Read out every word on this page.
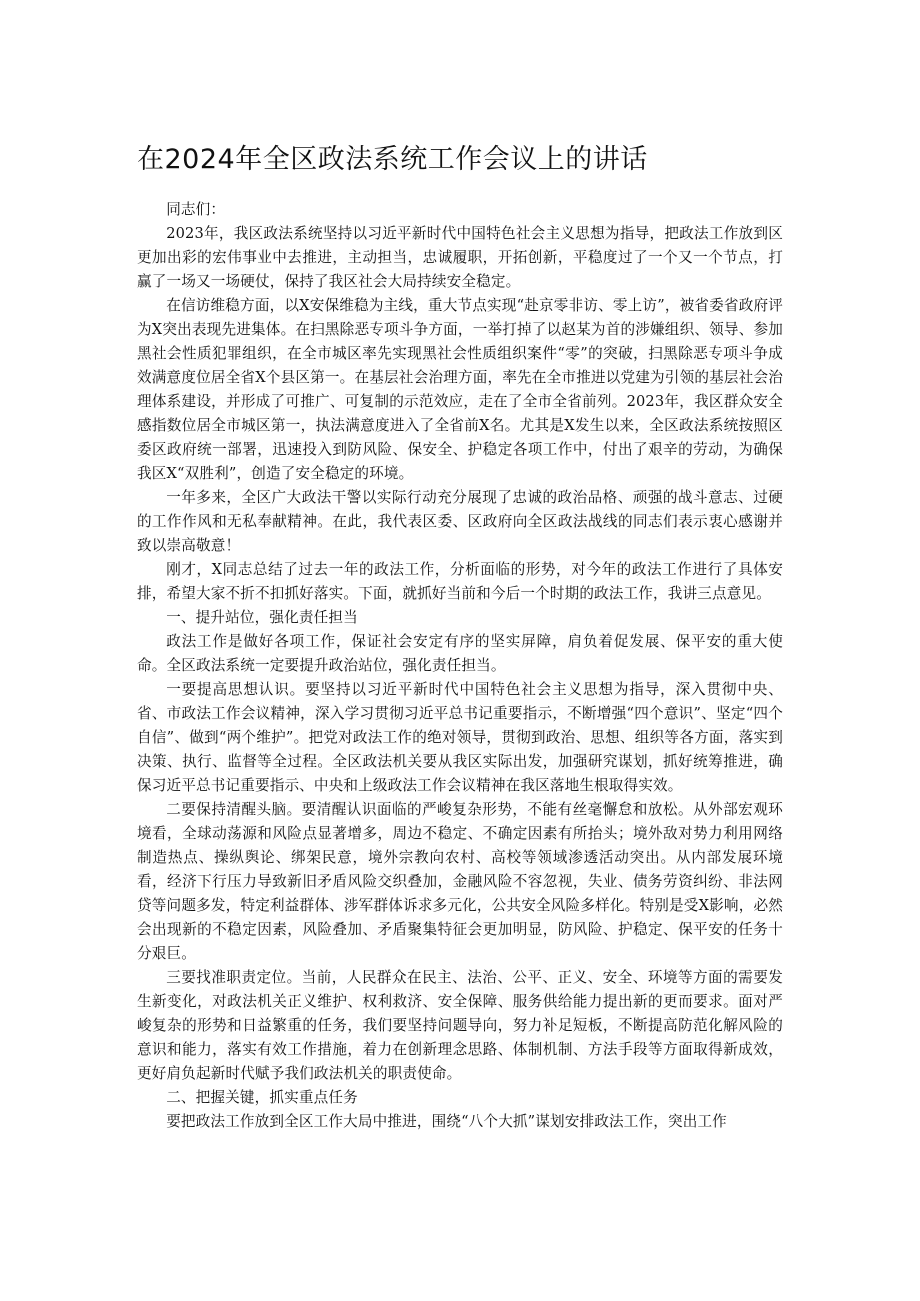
在2024年全区政法系统工作会议上的讲话

同志们：

2023年，我区政法系统坚持以习近平新时代中国特色社会主义思想为指导，把政法工作放到区更加出彩的宏伟事业中去推进，主动担当，忠诚履职，开拓创新，平稳度过了一个又一个节点，打赢了一场又一场硬仗，保持了我区社会大局持续安全稳定。

在信访维稳方面，以X安保维稳为主线，重大节点实现“赴京零非访、零上访”，被省委省政府评为X突出表现先进集体。在扫黑除恶专项斗争方面，一举打掉了以赵某为首的涉嫌组织、领导、参加黑社会性质犯罪组织，在全市城区率先实现黑社会性质组织案件“零”的突破，扫黑除恶专项斗争成效满意度位居全省X个县区第一。在基层社会治理方面，率先在全市推进以党建为引领的基层社会治理体系建设，并形成了可推广、可复制的示范效应，走在了全市全省前列。2023年，我区群众安全感指数位居全市城区第一，执法满意度进入了全省前X名。尤其是X发生以来，全区政法系统按照区委区政府统一部署，迅速投入到防风险、保安全、护稳定各项工作中，付出了艰辛的劳动，为确保我区X“双胜利”，创造了安全稳定的环境。

一年多来，全区广大政法干警以实际行动充分展现了忠诚的政治品格、顽强的战斗意志、过硬的工作作风和无私奉献精神。在此，我代表区委、区政府向全区政法战线的同志们表示衷心感谢并致以崇高敬意！

刚才，X同志总结了过去一年的政法工作，分析面临的形势，对今年的政法工作进行了具体安排，希望大家不折不扣抓好落实。下面，就抓好当前和今后一个时期的政法工作，我讲三点意见。

一、提升站位，强化责任担当

政法工作是做好各项工作，保证社会安定有序的坚实屏障，肩负着促发展、保平安的重大使命。全区政法系统一定要提升政治站位，强化责任担当。

一要提高思想认识。要坚持以习近平新时代中国特色社会主义思想为指导，深入贯彻中央、省、市政法工作会议精神，深入学习贯彻习近平总书记重要指示，不断增强“四个意识”、坚定“四个自信”、做到“两个维护”。把党对政法工作的绝对领导，贯彻到政治、思想、组织等各方面，落实到决策、执行、监督等全过程。全区政法机关要从我区实际出发，加强研究谋划，抓好统筹推进，确保习近平总书记重要指示、中央和上级政法工作会议精神在我区落地生根取得实效。

二要保持清醒头脑。要清醒认识面临的严峻复杂形势，不能有丝毫懈怠和放松。从外部宏观环境看，全球动荡源和风险点显著增多，周边不稳定、不确定因素有所抬头；境外敌对势力利用网络制造热点、操纵舆论、绑架民意，境外宗教向农村、高校等领域渗透活动突出。从内部发展环境看，经济下行压力导致新旧矛盾风险交织叠加，金融风险不容忽视，失业、债务劳资纠纷、非法网贷等问题多发，特定利益群体、涉军群体诉求多元化，公共安全风险多样化。特别是受X影响，必然会出现新的不稳定因素，风险叠加、矛盾聚集特征会更加明显，防风险、护稳定、保平安的任务十分艰巨。

三要找准职责定位。当前，人民群众在民主、法治、公平、正义、安全、环境等方面的需要发生新变化，对政法机关正义维护、权利救济、安全保障、服务供给能力提出新的更而要求。面对严峻复杂的形势和日益繁重的任务，我们要坚持问题导向，努力补足短板，不断提高防范化解风险的意识和能力，落实有效工作措施，着力在创新理念思路、体制机制、方法手段等方面取得新成效，更好肩负起新时代赋予我们政法机关的职责使命。

二、把握关键，抓实重点任务

要把政法工作放到全区工作大局中推进，围绕“八个大抓”谋划安排政法工作，突出工作
